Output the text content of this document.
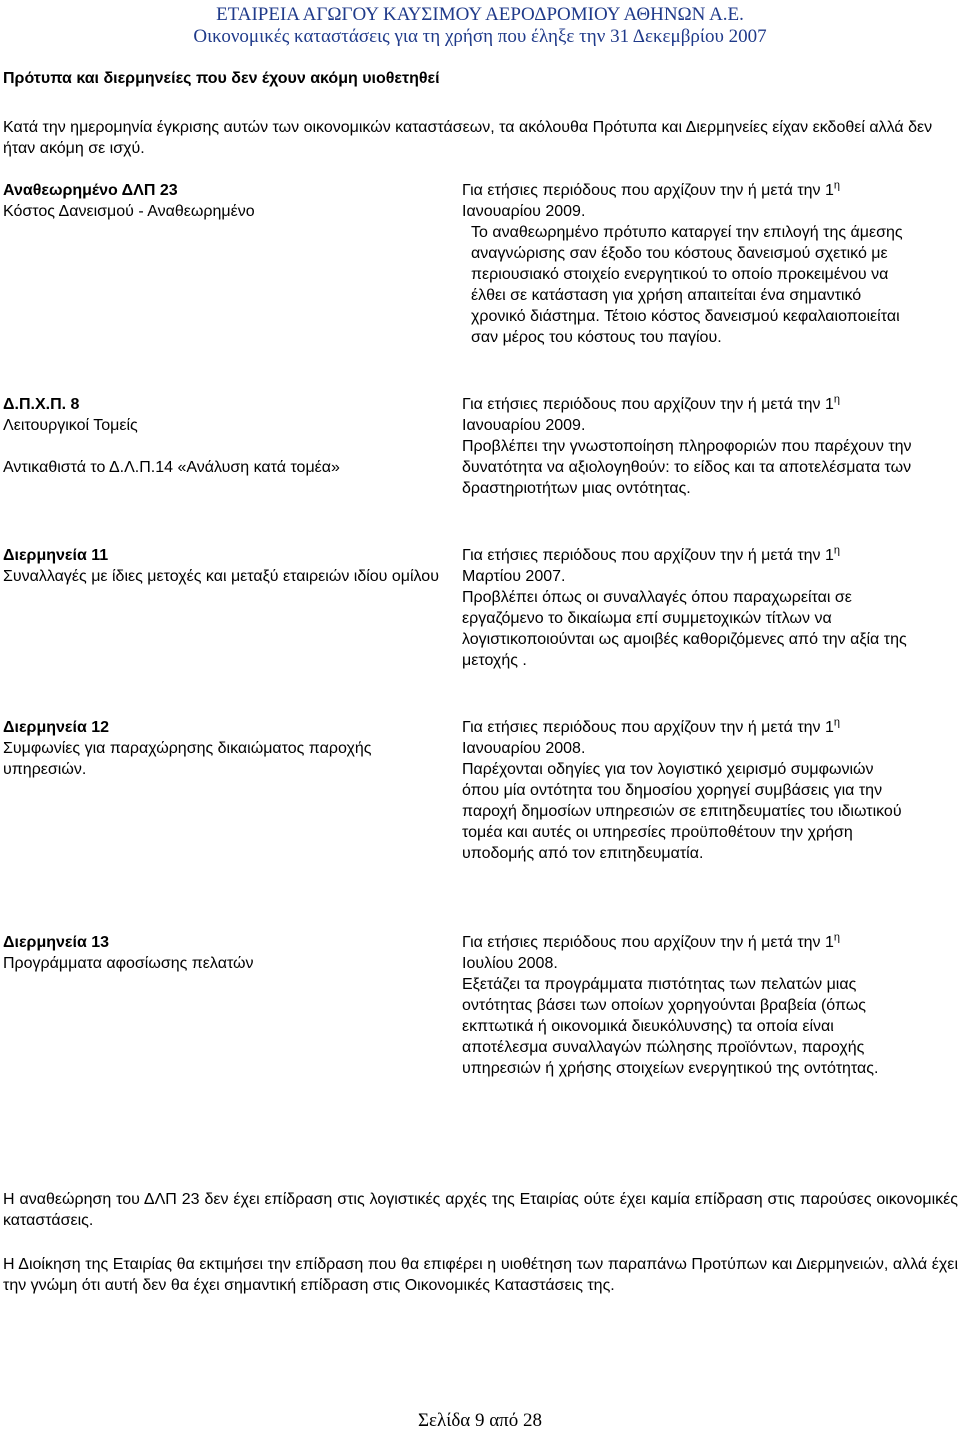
ΕΤΑΙΡΕΙΑ ΑΓΩΓΟΥ ΚΑΥΣΙΜΟΥ ΑΕΡΟΔΡΟΜΙΟΥ ΑΘΗΝΩΝ Α.Ε.
Οικονομικές καταστάσεις για τη χρήση που έληξε την 31 Δεκεμβρίου 2007
Πρότυπα και διερμηνείες που δεν έχουν ακόμη υιοθετηθεί
Κατά την ημερομηνία έγκρισης αυτών των οικονομικών καταστάσεων, τα ακόλουθα Πρότυπα και Διερμηνείες είχαν εκδοθεί αλλά δεν ήταν ακόμη σε ισχύ.

Αναθεωρημένο ΔΛΠ 23

Κόστος Δανεισμού - Αναθεωρημένο

Για ετήσιες περιόδους που αρχίζουν την ή μετά την $1^\eta$

Ιανουαρίου 2009.

Το αναθεωρημένο πρότυπο καταργεί την επιλογή της άμεσης αναγνώρισης σαν έξοδο του κόστους δανεισμού σχετικό με περιουσιακό στοιχείο ενεργητικού το οποίο προκειμένου να έλθει σε κατάσταση για χρήση απαιτείται ένα σημαντικό χρονικό διάστημα. Τέτοιο κόστος δανεισμού κεφαλαιοποιείται σαν μέρος του κόστους του παγίου.

Δ.Π.Χ.Π. 8

Λειτουργικοί Τομείς

Αντικαθιστά το Δ.Λ.Π.14 «Ανάλυση κατά τομέα»

Για ετήσιες περιόδους που αρχίζουν την ή μετά την $1^\eta$

Ιανουαρίου 2009.

Προβλέπει την γνωστοποίηση πληροφοριών που παρέχουν την δυνατότητα να αξιολογηθούν: το είδος και τα αποτελέσματα των δραστηριοτήτων μιας οντότητας.

Διερμηνεία 11

Συναλλαγές με ίδιες μετοχές και μεταξύ εταιρειών ιδίου ομίλου

Για ετήσιες περιόδους που αρχίζουν την ή μετά την $1^\eta$

Μαρτίου 2007.

Προβλέπει όπως οι συναλλαγές όπου παραχωρείται σε εργαζόμενο το δικαίωμα επί συμμετοχικών τίτλων να λογιστικοποιούνται ως αμοιβές καθοριζόμενες από την αξία της μετοχής .

Διερμηνεία 12

Συμφωνίες για παραχώρησης δικαιώματος παροχής υπηρεσιών.

Για ετήσιες περιόδους που αρχίζουν την ή μετά την $1^\eta$

Ιανουαρίου 2008.

Παρέχονται οδηγίες για τον λογιστικό χειρισμό συμφωνιών όπου μία οντότητα του δημοσίου χορηγεί συμβάσεις για την παροχή δημοσίων υπηρεσιών σε επιτηδευματίες του ιδιωτικού τομέα και αυτές οι υπηρεσίες προϋποθέτουν την χρήση υποδομής από τον επιτηδευματία.

Διερμηνεία 13

Προγράμματα αφοσίωσης πελατών

Για ετήσιες περιόδους που αρχίζουν την ή μετά την $1^\eta$

Ιουλίου 2008.

Εξετάζει τα προγράμματα πιστότητας των πελατών μιας οντότητας βάσει των οποίων χορηγούνται βραβεία (όπως εκπτωτικά ή οικονομικά διευκόλυνσης) τα οποία είναι αποτέλεσμα συναλλαγών πώλησης προϊόντων, παροχής υπηρεσιών ή χρήσης στοιχείων ενεργητικού της οντότητας.

Η αναθεώρηση του ΔΛΠ 23 δεν έχει επίδραση στις λογιστικές αρχές της Εταιρίας ούτε έχει καμία επίδραση στις παρούσες οικονομικές καταστάσεις.
Η Διοίκηση της Εταιρίας θα εκτιμήσει την επίδραση που θα επιφέρει η υιοθέτηση των παραπάνω Προτύπων και Διερμηνειών, αλλά έχει την γνώμη ότι αυτή δεν θα έχει σημαντική επίδραση στις Οικονομικές Καταστάσεις της.
Σελίδα 9 από 28
